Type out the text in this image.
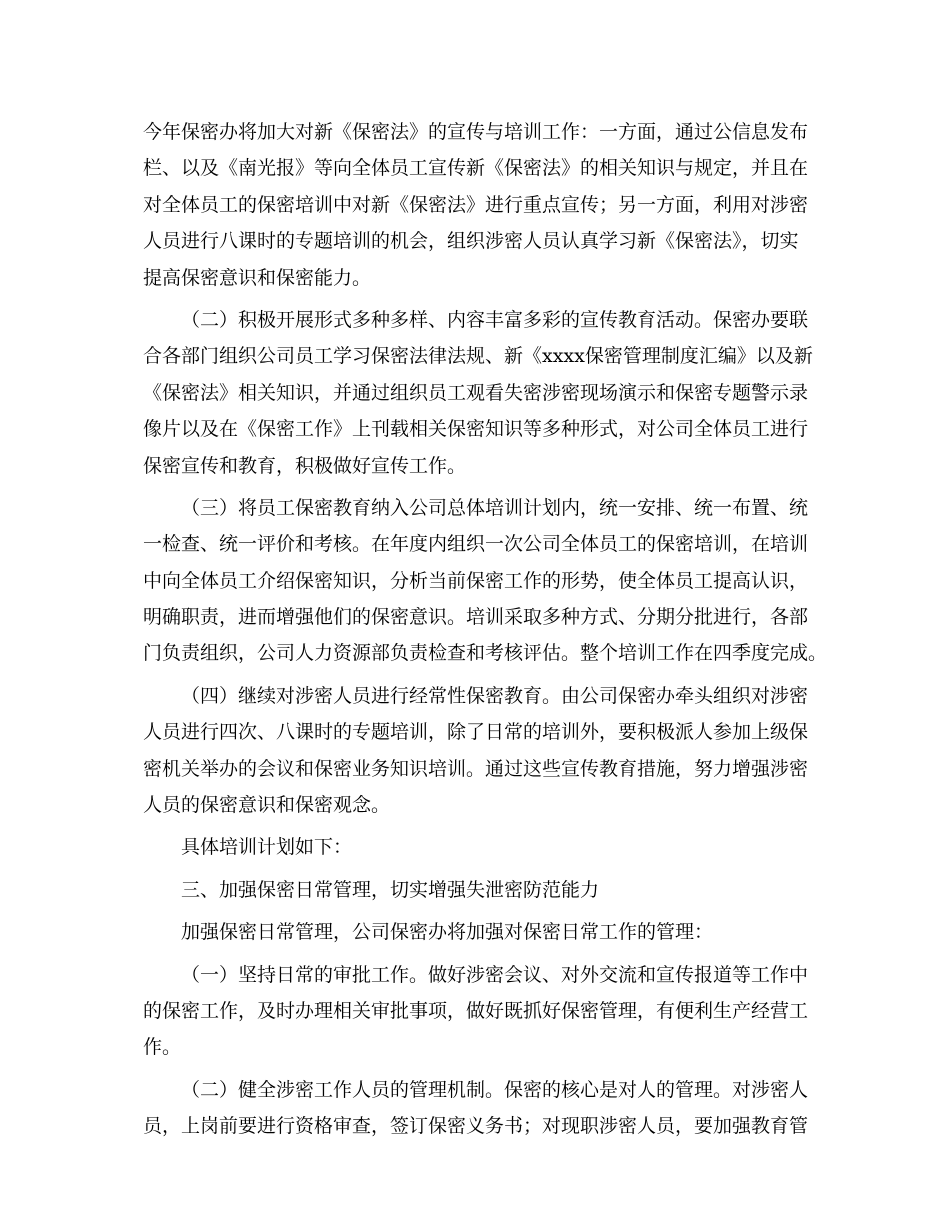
今年保密办将加大对新《保密法》的宣传与培训工作：一方面，通过公信息发布
栏、以及《南光报》等向全体员工宣传新《保密法》的相关知识与规定，并且在
对全体员工的保密培训中对新《保密法》进行重点宣传；另一方面，利用对涉密
人员进行八课时的专题培训的机会，组织涉密人员认真学习新《保密法》，切实
提高保密意识和保密能力。
（二）积极开展形式多种多样、内容丰富多彩的宣传教育活动。保密办要联
合各部门组织公司员工学习保密法律法规、新《xxxx保密管理制度汇编》以及新
《保密法》相关知识，并通过组织员工观看失密涉密现场演示和保密专题警示录
像片以及在《保密工作》上刊载相关保密知识等多种形式，对公司全体员工进行
保密宣传和教育，积极做好宣传工作。
（三）将员工保密教育纳入公司总体培训计划内，统一安排、统一布置、统
一检查、统一评价和考核。在年度内组织一次公司全体员工的保密培训，在培训
中向全体员工介绍保密知识，分析当前保密工作的形势，使全体员工提高认识，
明确职责，进而增强他们的保密意识。培训采取多种方式、分期分批进行，各部
门负责组织，公司人力资源部负责检查和考核评估。整个培训工作在四季度完成。
（四）继续对涉密人员进行经常性保密教育。由公司保密办牵头组织对涉密
人员进行四次、八课时的专题培训，除了日常的培训外，要积极派人参加上级保
密机关举办的会议和保密业务知识培训。通过这些宣传教育措施，努力增强涉密
人员的保密意识和保密观念。
具体培训计划如下：
三、加强保密日常管理，切实增强失泄密防范能力
加强保密日常管理，公司保密办将加强对保密日常工作的管理：
（一）坚持日常的审批工作。做好涉密会议、对外交流和宣传报道等工作中
的保密工作，及时办理相关审批事项，做好既抓好保密管理，有便利生产经营工
作。
（二）健全涉密工作人员的管理机制。保密的核心是对人的管理。对涉密人
员，上岗前要进行资格审查，签订保密义务书；对现职涉密人员，要加强教育管
